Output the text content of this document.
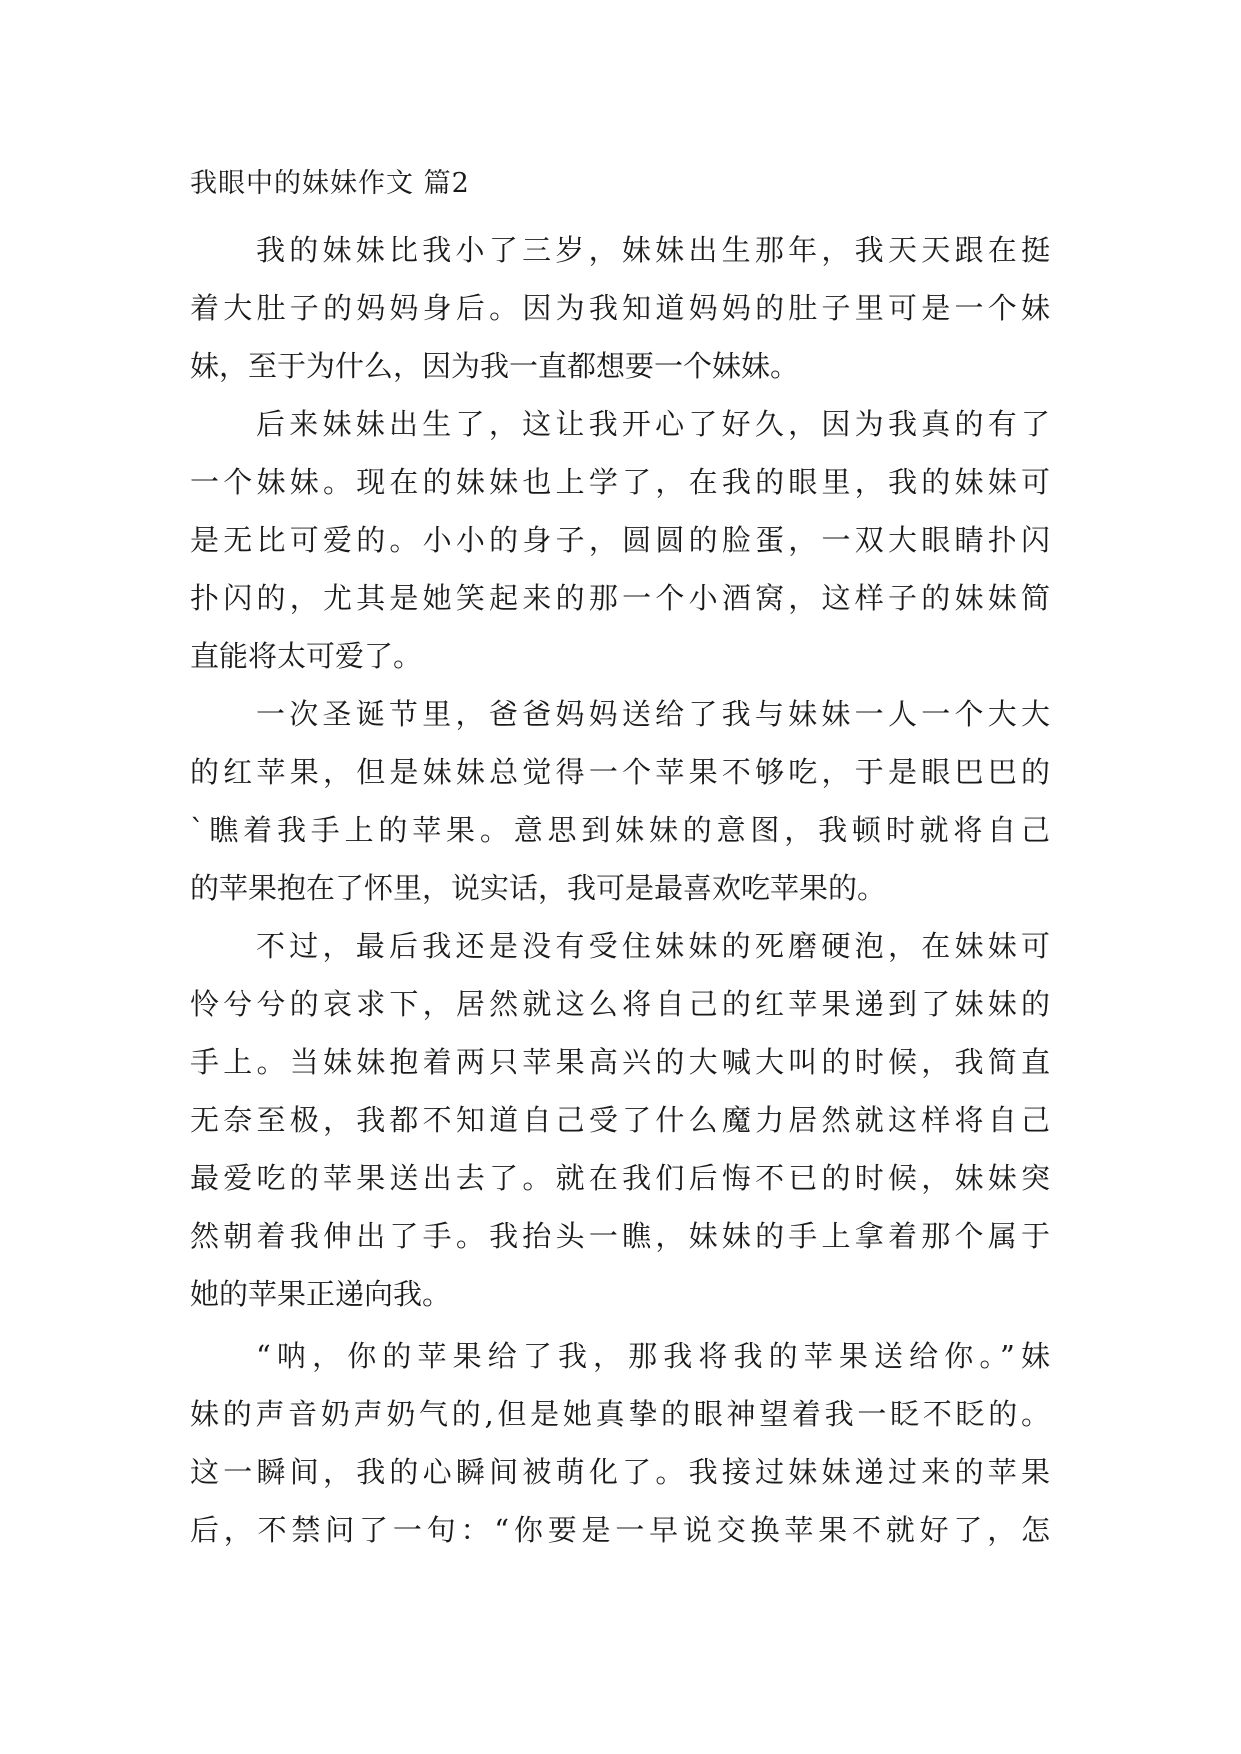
我眼中的妹妹作文 篇2
我的妹妹比我小了三岁，妹妹出生那年，我天天跟在挺
着大肚子的妈妈身后。因为我知道妈妈的肚子里可是一个妹
妹，至于为什么，因为我一直都想要一个妹妹。
后来妹妹出生了，这让我开心了好久，因为我真的有了
一个妹妹。现在的妹妹也上学了，在我的眼里，我的妹妹可
是无比可爱的。小小的身子，圆圆的脸蛋，一双大眼睛扑闪
扑闪的，尤其是她笑起来的那一个小酒窝，这样子的妹妹简
直能将太可爱了。
一次圣诞节里，爸爸妈妈送给了我与妹妹一人一个大大
的红苹果，但是妹妹总觉得一个苹果不够吃，于是眼巴巴的
`瞧着我手上的苹果。意思到妹妹的意图，我顿时就将自己
的苹果抱在了怀里，说实话，我可是最喜欢吃苹果的。
不过，最后我还是没有受住妹妹的死磨硬泡，在妹妹可
怜兮兮的哀求下，居然就这么将自己的红苹果递到了妹妹的
手上。当妹妹抱着两只苹果高兴的大喊大叫的时候，我简直
无奈至极，我都不知道自己受了什么魔力居然就这样将自己
最爱吃的苹果送出去了。就在我们后悔不已的时候，妹妹突
然朝着我伸出了手。我抬头一瞧，妹妹的手上拿着那个属于
她的苹果正递向我。
“呐，你的苹果给了我，那我将我的苹果送给你。”妹
妹的声音奶声奶气的,但是她真挚的眼神望着我一眨不眨的。
这一瞬间，我的心瞬间被萌化了。我接过妹妹递过来的苹果
后，不禁问了一句：“你要是一早说交换苹果不就好了，怎
